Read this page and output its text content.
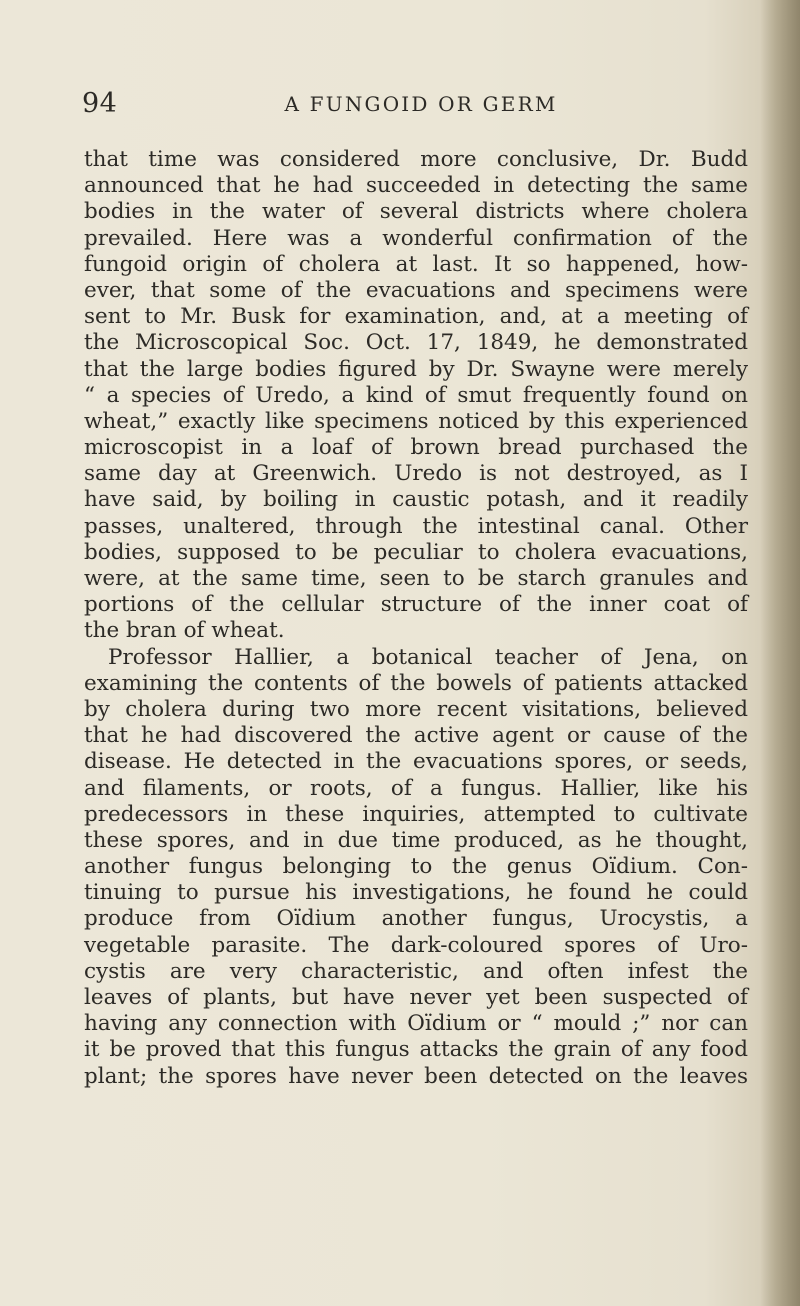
94	A FUNGOID OR GERM
that time was considered more conclusive, Dr. Budd
announced that he had succeeded in detecting the same
bodies in the water of several districts where cholera
prevailed. Here was a wonderful confirmation of the
fungoid origin of cholera at last. It so happened, how-
ever, that some of the evacuations and specimens were
sent to Mr. Busk for examination, and, at a meeting of
the Microscopical Soc. Oct. 17, 1849, he demonstrated
that the large bodies figured by Dr. Swayne were merely
“ a species of Uredo, a kind of smut frequently found on
wheat,” exactly like specimens noticed by this experienced
microscopist in a loaf of brown bread purchased the
same day at Greenwich. Uredo is not destroyed, as I
have said, by boiling in caustic potash, and it readily
passes, unaltered, through the intestinal canal. Other
bodies, supposed to be peculiar to cholera evacuations,
were, at the same time, seen to be starch granules and
portions of the cellular structure of the inner coat of
the bran of wheat.
Professor Hallier, a botanical teacher of Jena, on
examining the contents of the bowels of patients attacked
by cholera during two more recent visitations, believed
that he had discovered the active agent or cause of the
disease. He detected in the evacuations spores, or seeds,
and filaments, or roots, of a fungus. Hallier, like his
predecessors in these inquiries, attempted to cultivate
these spores, and in due time produced, as he thought,
another fungus belonging to the genus Oïdium. Con-
tinuing to pursue his investigations, he found he could
produce from Oïdium another fungus, Urocystis, a
vegetable parasite. The dark-coloured spores of Uro-
cystis are very characteristic, and often infest the
leaves of plants, but have never yet been suspected of
having any connection with Oïdium or “ mould ;” nor can
it be proved that this fungus attacks the grain of any food
plant; the spores have never been detected on the leaves
